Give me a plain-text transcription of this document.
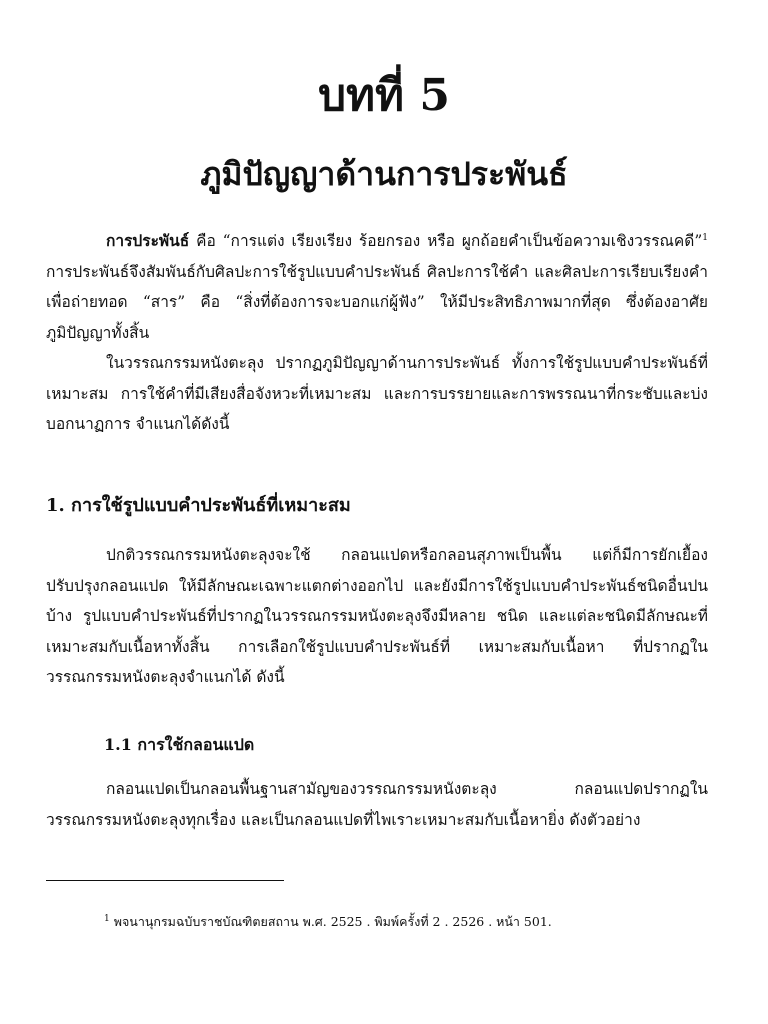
บทที่ 5
ภูมิปัญญาด้านการประพันธ์

การประพันธ์ คือ “การแต่ง เรียงเรียง ร้อยกรอง หรือ ผูกถ้อยคำเป็นข้อความเชิงวรรณคดี”$^1$ การประพันธ์จึงสัมพันธ์กับศิลปะการใช้รูปแบบคำประพันธ์ ศิลปะการใช้คำ และศิลปะการเรียบเรียงคำเพื่อถ่ายทอด “สาร” คือ “สิ่งที่ต้องการจะบอกแก่ผู้ฟัง” ให้มีประสิทธิภาพมากที่สุด ซึ่งต้องอาศัยภูมิปัญญาทั้งสิ้น

ในวรรณกรรมหนังตะลุง ปรากฏภูมิปัญญาด้านการประพันธ์ ทั้งการใช้รูปแบบคำประพันธ์ที่เหมาะสม การใช้คำที่มีเสียงสื่อจังหวะที่เหมาะสม และการบรรยายและการพรรณนาที่กระชับและบ่งบอกนาฏการ จำแนกได้ดังนี้

1. การใช้รูปแบบคำประพันธ์ที่เหมาะสม

ปกติวรรณกรรมหนังตะลุงจะใช้ กลอนแปดหรือกลอนสุภาพเป็นพื้น แต่ก็มีการยักเยื้องปรับปรุงกลอนแปด ให้มีลักษณะเฉพาะแตกต่างออกไป และยังมีการใช้รูปแบบคำประพันธ์ชนิดอื่นปนบ้าง รูปแบบคำประพันธ์ที่ปรากฏในวรรณกรรมหนังตะลุงจึงมีหลาย ชนิด และแต่ละชนิดมีลักษณะที่เหมาะสมกับเนื้อหาทั้งสิ้น การเลือกใช้รูปแบบคำประพันธ์ที่ เหมาะสมกับเนื้อหา ที่ปรากฏในวรรณกรรมหนังตะลุงจำแนกได้ ดังนี้

1.1 การใช้กลอนแปด

กลอนแปดเป็นกลอนพื้นฐานสามัญของวรรณกรรมหนังตะลุง กลอนแปดปรากฏในวรรณกรรมหนังตะลุงทุกเรื่อง และเป็นกลอนแปดที่ไพเราะเหมาะสมกับเนื้อหายิ่ง ดังตัวอย่าง

$^1$ พจนานุกรมฉบับราชบัณฑิตยสถาน พ.ศ. 2525 . พิมพ์ครั้งที่ 2 . 2526 . หน้า 501.
